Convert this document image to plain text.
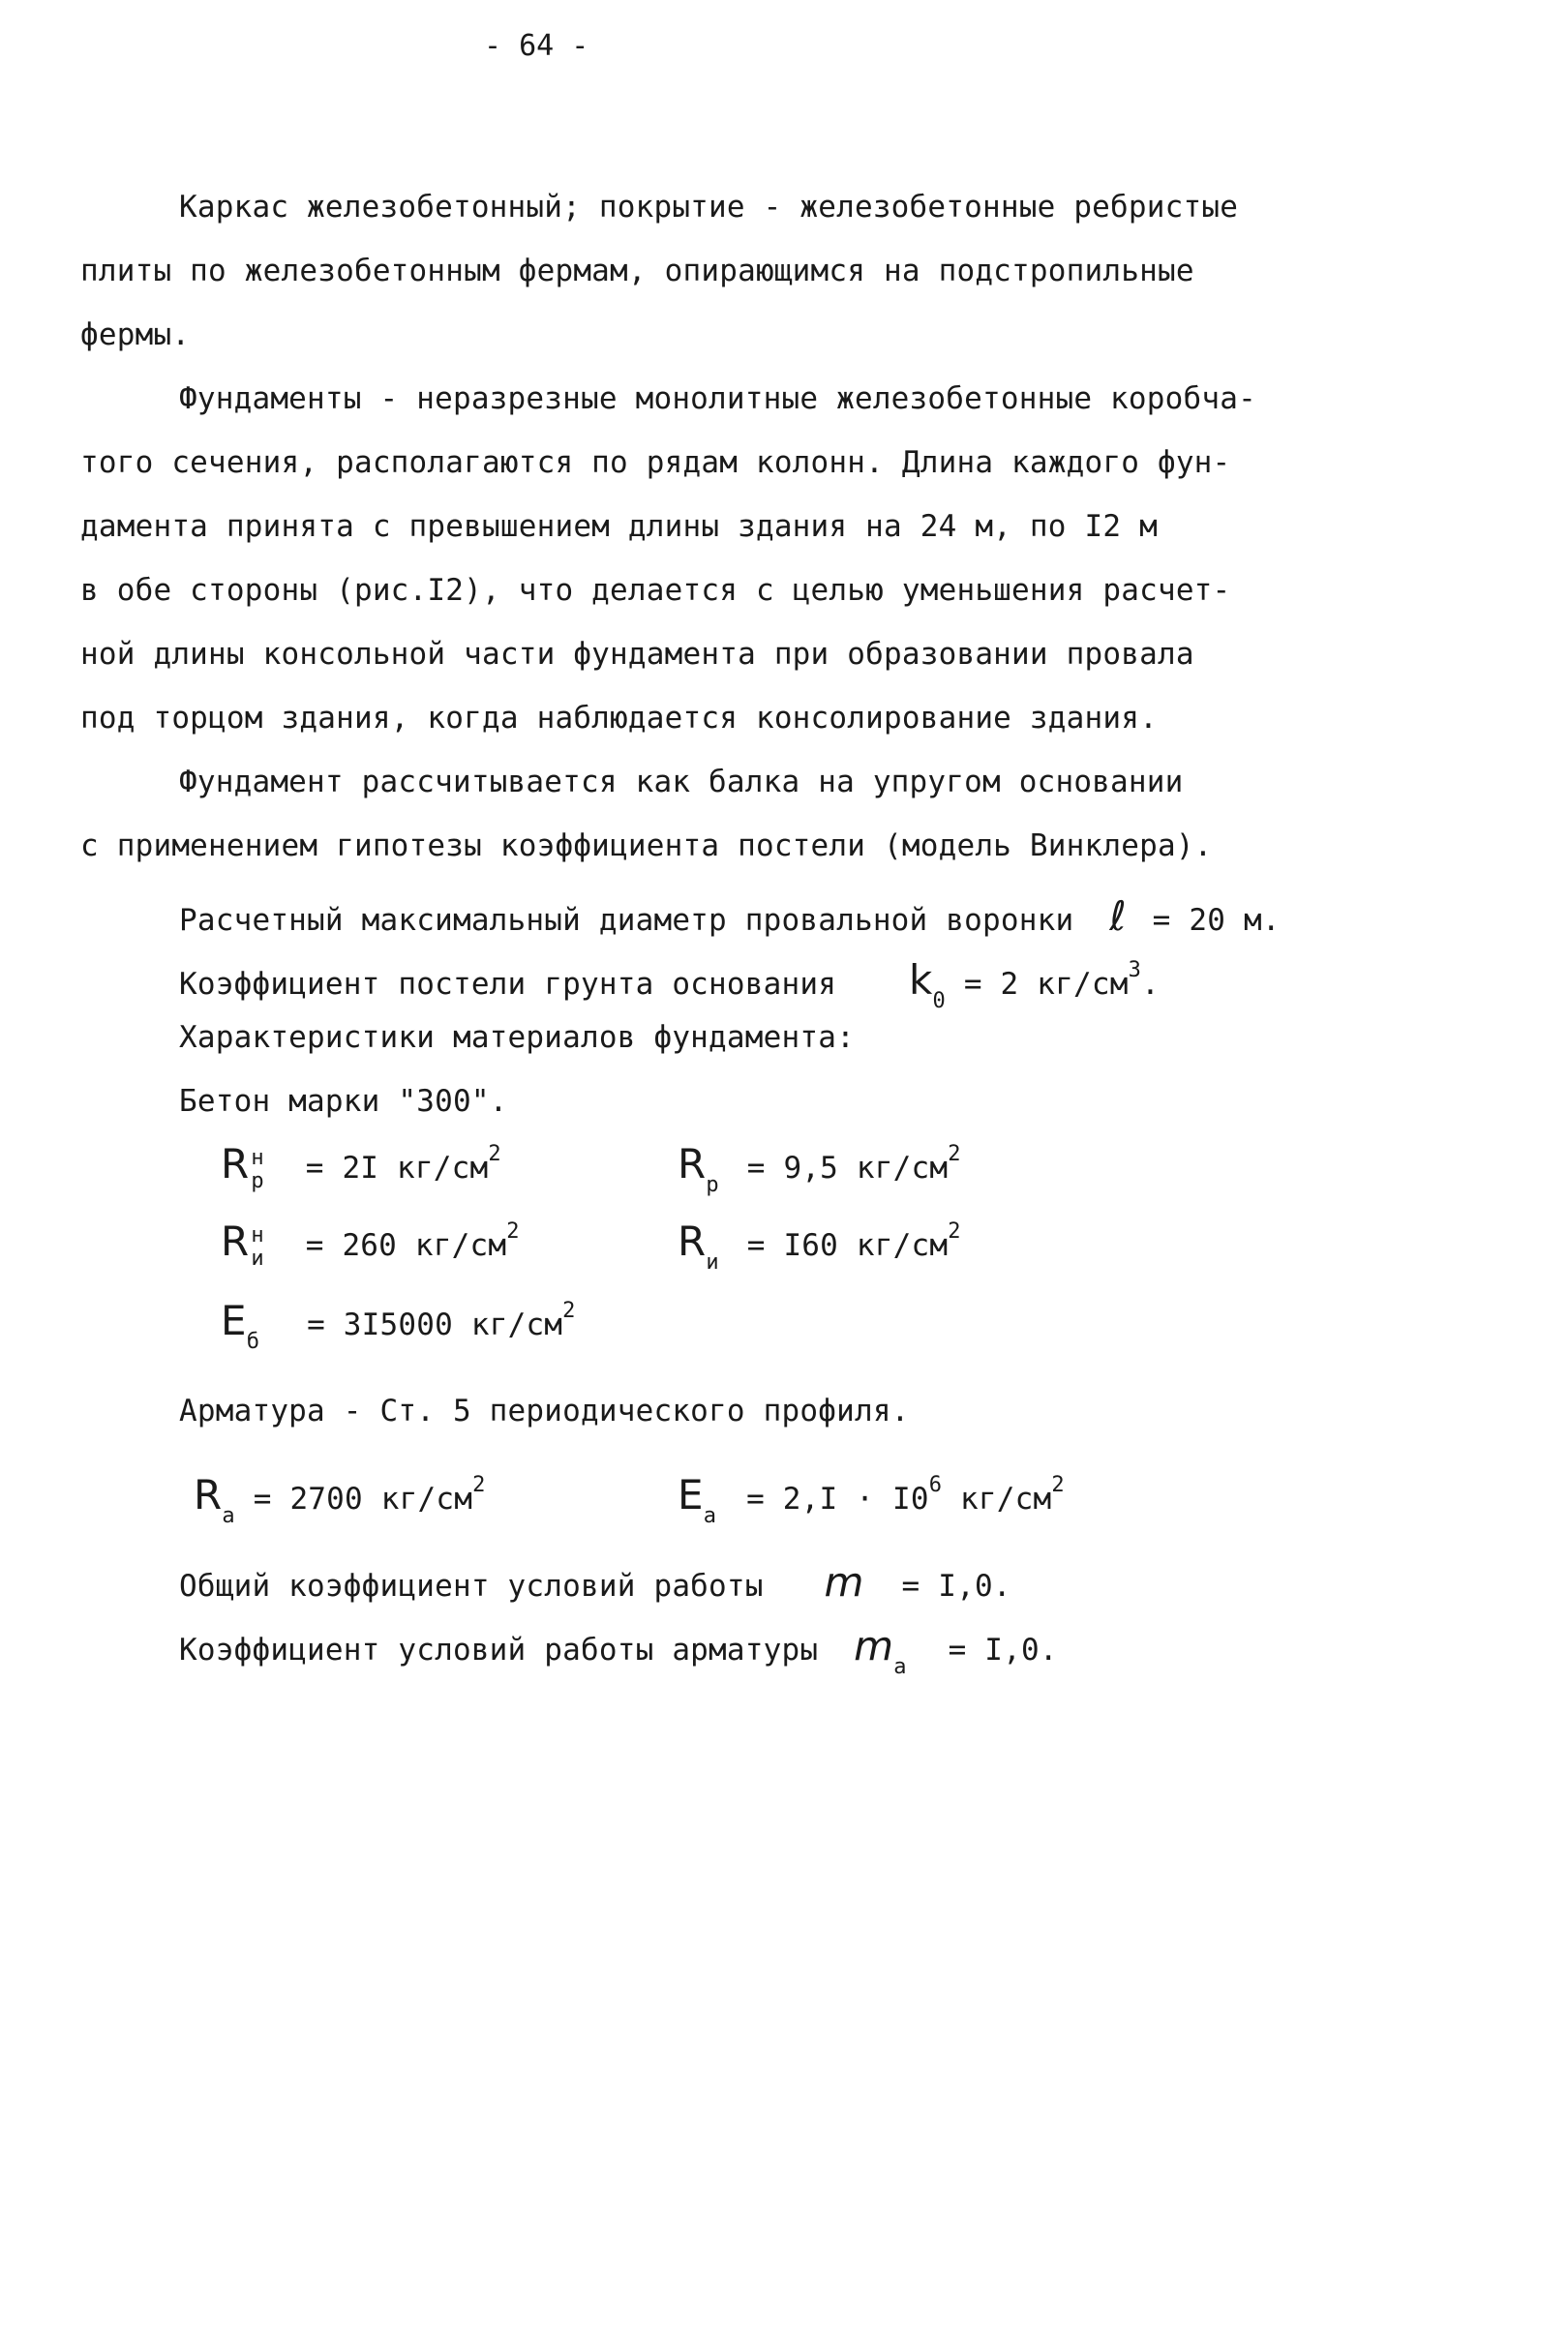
- 64 -
Каркас железобетонный; покрытие - железобетонные ребристые
плиты по железобетонным фермам, опирающимся на подстропильные
фермы.
Фундаменты - неразрезные монолитные железобетонные коробча-
того сечения, располагаются по рядам колонн. Длина каждого фун-
дамента принята с превышением длины здания на 24 м, по I2 м
в обе стороны (рис.I2), что делается с целью уменьшения расчет-
ной длины консольной части фундамента при образовании провала
под торцом здания, когда наблюдается консолирование здания.
Фундамент рассчитывается как балка на упругом основании
с применением гипотезы коэффициента постели (модель Винклера).
Расчетный максимальный диаметр провальной воронки ℓ = 20 м.
Коэффициент постели грунта основания $k_0 = 2$ $кг/см^3$.
Характеристики материалов фундамента:
Бетон марки "300".
R н
р = 2I $кг/см^2$	$R_р = 9,5$ $кг/см^2$
R н
и = 260 $кг/см^2$	$R_и = I60$ $кг/см^2$
$E_б = 3I5000$ $кг/см^2$
Арматура - Ст. 5 периодического профиля.
$R_a = 2700$ $кг/см^2$	$E_a = 2,I \cdot I0^6$ $кг/см^2$
Общий коэффициент условий работы m = I,0.
Коэффициент условий работы арматуры $m_a = I,0$.
